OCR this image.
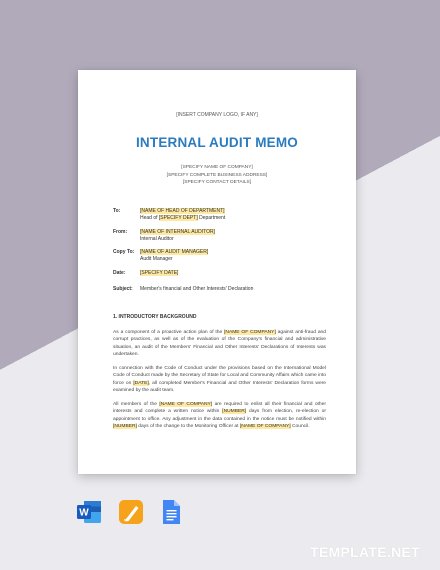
[INSERT COMPANY LOGO, IF ANY]
INTERNAL AUDIT MEMO
[SPECIFY NAME OF COMPANY]
[SPECIFY COMPLETE BUSINESS ADDRESS]
[SPECIFY CONTACT DETAILS]
To:	[NAME OF HEAD OF DEPARTMENT]
Head of [SPECIFY DEPT] Department
From:	[NAME OF INTERNAL AUDITOR]
Internal Auditor
Copy To:	[NAME OF AUDIT MANAGER]
Audit Manager
Date:	[SPECIFY DATE]
Subject:	Member's financial and Other Interests' Declaration
1. INTRODUCTORY BACKGROUND
As a component of a proactive action plan of the [NAME OF COMPANY] against anti-fraud and corrupt practices, as well as of the evaluation of the Company's financial and administrative situation, an audit of the Members' Financial and Other Interests' Declarations of Interests was undertaken.
In connection with the Code of Conduct under the provisions based on the International Model Code of Conduct made by the Secretary of State for Local and Community Affairs which came into force on [DATE], all completed Member's Financial and Other Interests' Declaration forms were examined by the audit team.
All members of the [NAME OF COMPANY] are required to enlist all their financial and other interests and complete a written notice within [NUMBER] days from election, re-election or appointment to office. Any adjustment in the data contained in the notice must be notified within [NUMBER] days of the change to the Monitoring Officer at [NAME OF COMPANY] Council.
W
TEMPLATE.NET
